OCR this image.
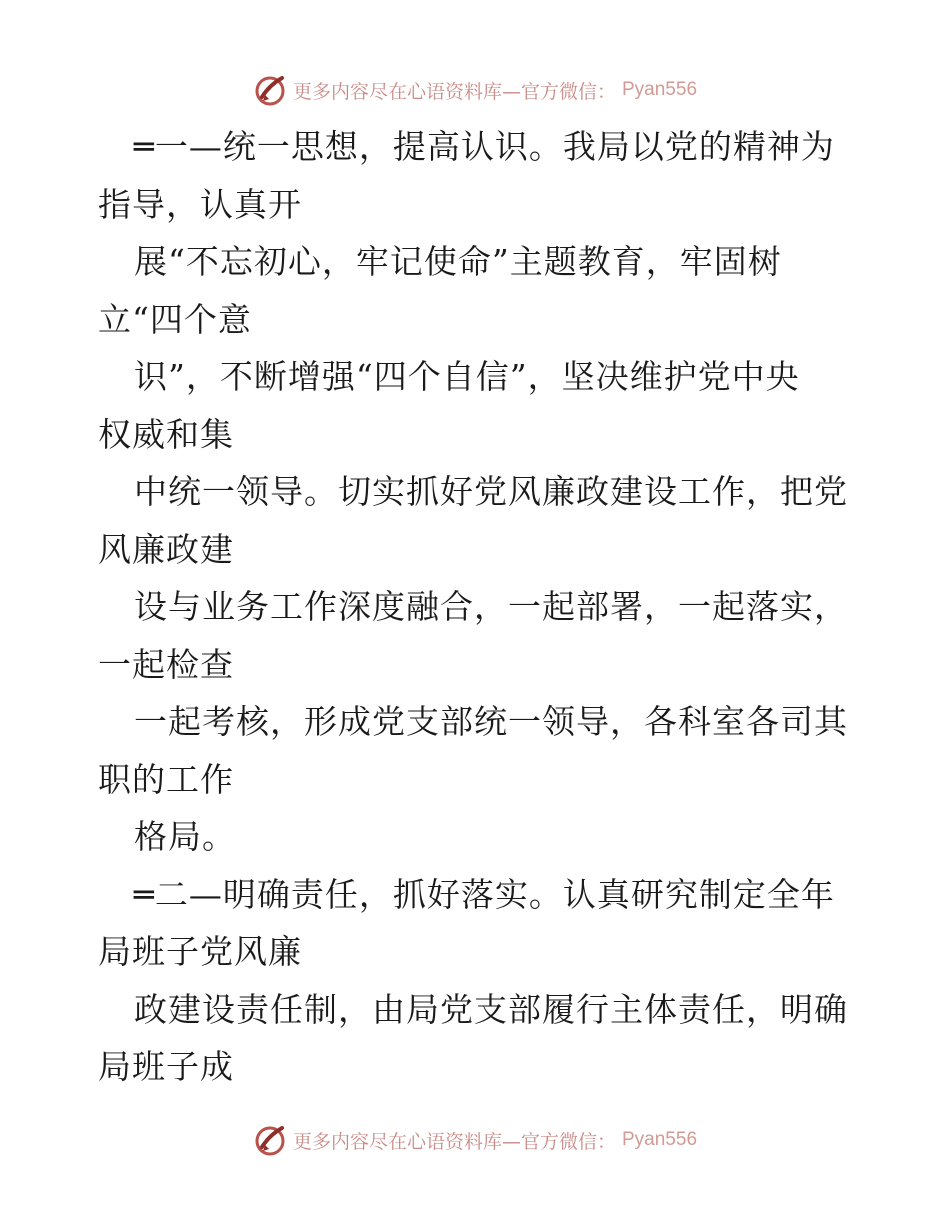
更多内容尽在心语资料库—官方微信： Pyan556
═一—统一思想，提高认识。我局以党的精神为
指导，认真开
展“不忘初心，牢记使命”主题教育，牢固树
立“四个意
识”，不断增强“四个自信”，坚决维护党中央
权威和集
中统一领导。切实抓好党风廉政建设工作，把党
风廉政建
设与业务工作深度融合，一起部署，一起落实，
一起检查
一起考核，形成党支部统一领导，各科室各司其
职的工作
格局。
═二—明确责任，抓好落实。认真研究制定全年
局班子党风廉
政建设责任制，由局党支部履行主体责任，明确
局班子成
更多内容尽在心语资料库—官方微信： Pyan556
